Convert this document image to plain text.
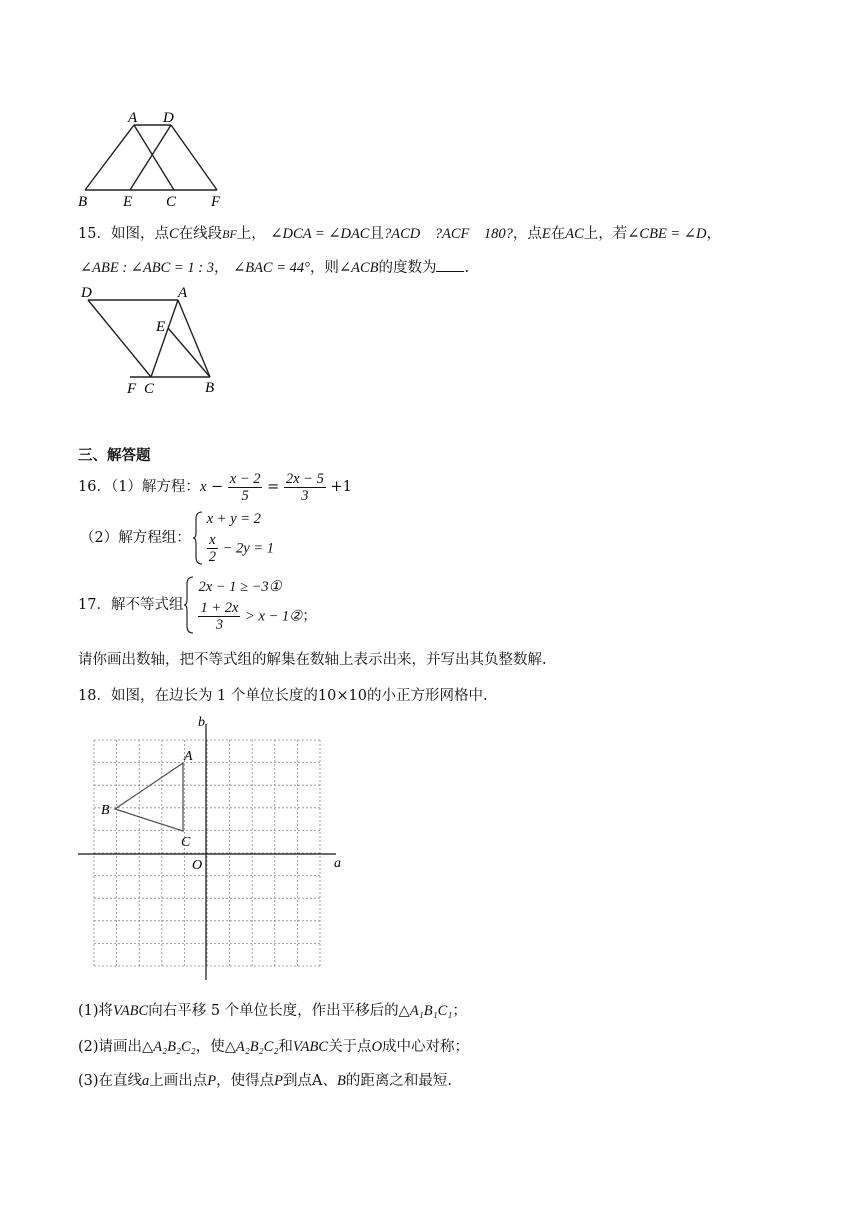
A D
B E C F
15．如图，点C在线段BF上， ∠DCA = ∠DAC且?ACD    ?ACF    180?，点E在AC上，若∠CBE = ∠D，
∠ABE : ∠ABC = 1 : 3， ∠BAC = 44°，则∠ACB的度数为 .
D	A
E
F C	B
三、解答题
16．（1）解方程：$x - \frac{x - 2}{5} = \frac{2x - 5}{3} +1$
（2）解方程组：
x + y = 2
$\frac{x}{2} - 2y = 1$
17． 解不等式组
2x − 1 ≥ −3①
$\frac{1 + 2x}{3} > x$ − 1②；
请你画出数轴，把不等式组的解集在数轴上表示出来，并写出其负整数解.
18．如图，在边长为 1 个单位长度的10×10的小正方形网格中.
b
a
O
A
B
C
(1)将VABC向右平移 5 个单位长度，作出平移后的△A₁B₁C₁；
(2)请画出△A₂B₂C₂，使△A₂B₂C₂和VABC关于点O成中心对称；
(3)在直线a上画出点P，使得点P到点A、B的距离之和最短.
